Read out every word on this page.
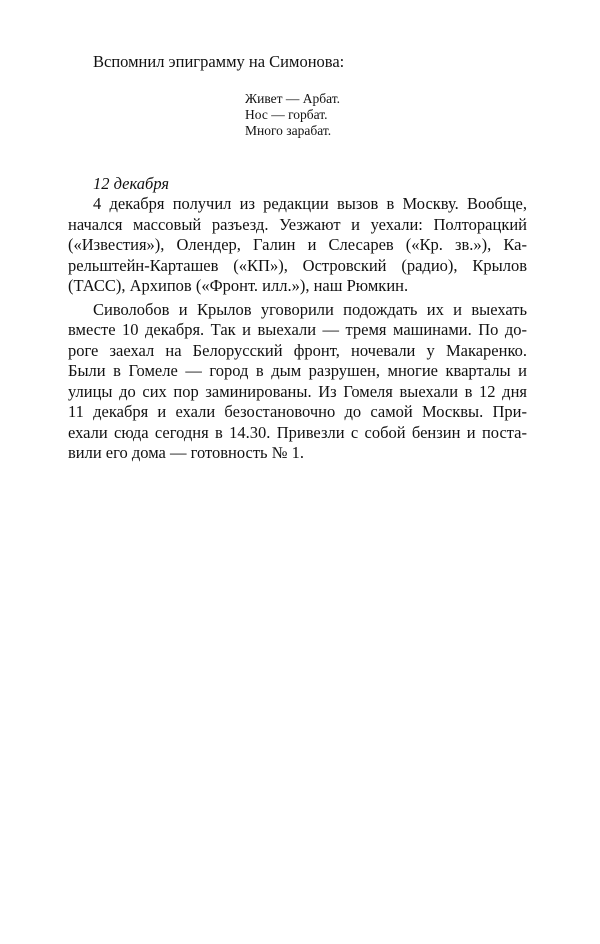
Вспомнил эпиграмму на Симонова:
Живет — Арбат.
Нос — горбат.
Много зарабат.
12 декабря
4 декабря получил из редакции вызов в Москву. Вообще,
начался массовый разъезд. Уезжают и уехали: Полторацкий
(«Известия»), Олендер, Галин и Слесарев («Кр. зв.»), Ка-
рельштейн-Карташев («КП»), Островский (радио), Крылов
(ТАСС), Архипов («Фронт. илл.»), наш Рюмкин.
Сиволобов и Крылов уговорили подождать их и выехать
вместе 10 декабря. Так и выехали — тремя машинами. По до-
роге заехал на Белорусский фронт, ночевали у Макаренко.
Были в Гомеле — город в дым разрушен, многие кварталы и
улицы до сих пор заминированы. Из Гомеля выехали в 12 дня
11 декабря и ехали безостановочно до самой Москвы. При-
ехали сюда сегодня в 14.30. Привезли с собой бензин и поста-
вили его дома — готовность № 1.
